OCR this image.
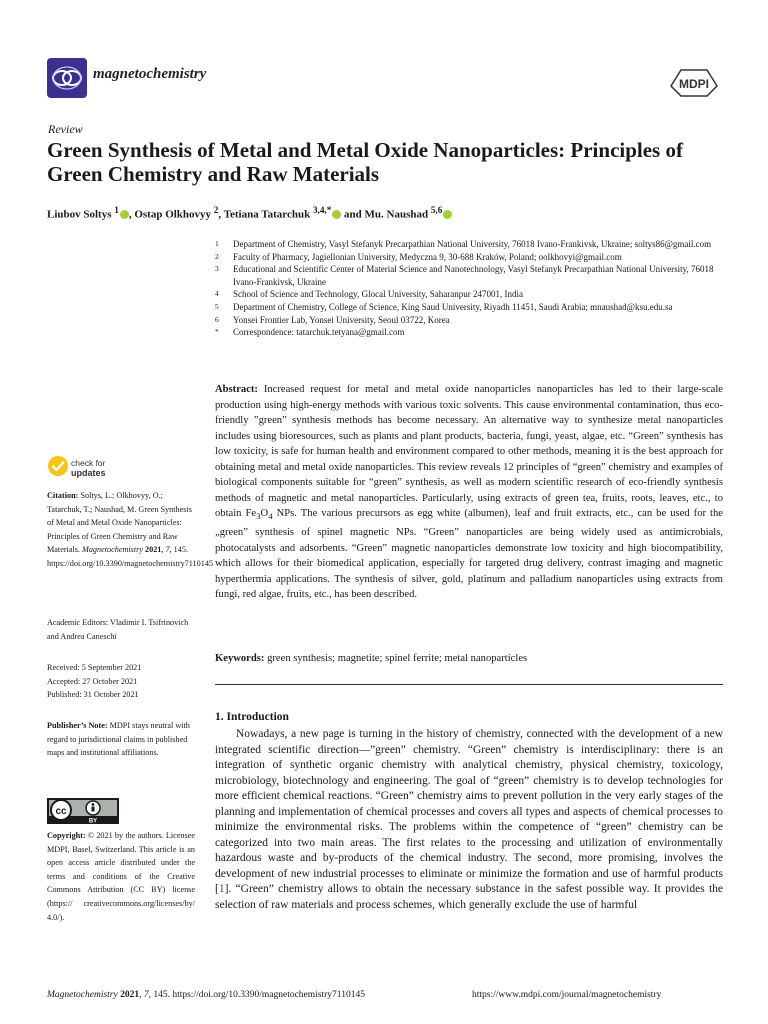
magnetochemistry
MDPI
Review
Green Synthesis of Metal and Metal Oxide Nanoparticles: Principles of Green Chemistry and Raw Materials
Liubov Soltys $^1$ , Ostap Olkhovyy $^2$, Tetiana Tatarchuk $^{3,4,*}$ and Mu. Naushad $^{5,6}$
1	Department of Chemistry, Vasyl Stefanyk Precarpathian National University, 76018 Ivano-Frankivsk, Ukraine; soltys86@gmail.com
2	Faculty of Pharmacy, Jagiellonian University, Medyczna 9, 30-688 Kraków, Poland; oolkhovyi@gmail.com
3	Educational and Scientific Center of Material Science and Nanotechnology, Vasyl Stefanyk Precarpathian National University, 76018 Ivano-Frankivsk, Ukraine
4	School of Science and Technology, Glocal University, Saharanpur 247001, India
5	Department of Chemistry, College of Science, King Saud University, Riyadh 11451, Saudi Arabia; mnaushad@ksu.edu.sa
6	Yonsei Frontier Lab, Yonsei University, Seoul 03722, Korea
*	Correspondence: tatarchuk.tetyana@gmail.com

Abstract: Increased request for metal and metal oxide nanoparticles nanoparticles has led to their large-scale production using high-energy methods with various toxic solvents. This cause environmental contamination, thus eco-friendly ”green” synthesis methods has become necessary. An alternative way to synthesize metal nanoparticles includes using bioresources, such as plants and plant products, bacteria, fungi, yeast, algae, etc. “Green” synthesis has low toxicity, is safe for human health and environment compared to other methods, meaning it is the best approach for obtaining metal and metal oxide nanoparticles. This review reveals 12 principles of “green” chemistry and examples of biological components suitable for “green” synthesis, as well as modern scientific research of eco-friendly synthesis methods of magnetic and metal nanoparticles. Particularly, using extracts of green tea, fruits, roots, leaves, etc., to obtain $Fe_3O_4$ NPs. The various precursors as egg white (albumen), leaf and fruit extracts, etc., can be used for the „green” synthesis of spinel magnetic NPs. “Green” nanoparticles are being widely used as antimicrobials, photocatalysts and adsorbents. “Green” magnetic nanoparticles demonstrate low toxicity and high biocompatibility, which allows for their biomedical application, especially for targeted drug delivery, contrast imaging and magnetic hyperthermia applications. The synthesis of silver, gold, platinum and palladium nanoparticles using extracts from fungi, red algae, fruits, etc., has been described.

Keywords: green synthesis; magnetite; spinel ferrite; metal nanoparticles

1. Introduction

Nowadays, a new page is turning in the history of chemistry, connected with the development of a new integrated scientific direction—”green” chemistry. “Green” chemistry is interdisciplinary: there is an integration of synthetic organic chemistry with analytical chemistry, physical chemistry, toxicology, microbiology, biotechnology and engineering. The goal of “green” chemistry is to develop technologies for more efficient chemical reactions. “Green” chemistry aims to prevent pollution in the very early stages of the planning and implementation of chemical processes and covers all types and aspects of chemical processes to minimize the environmental risks. The problems within the competence of “green” chemistry can be categorized into two main areas. The first relates to the processing and utilization of environmentally hazardous waste and by-products of the chemical industry. The second, more promising, involves the development of new industrial processes to eliminate or minimize the formation and use of harmful products [1]. “Green” chemistry allows to obtain the necessary substance in the safest possible way. It provides the selection of raw materials and process schemes, which generally exclude the use of harmful

check for
updates

Citation: Soltys, L.; Olkhovyy, O.; Tatarchuk, T.; Naushad, M. Green Synthesis of Metal and Metal Oxide Nanoparticles: Principles of Green Chemistry and Raw Materials. Magnetochemistry 2021, 7, 145. https://doi.org/10.3390/magnetochemistry7110145

Academic Editors: Vladimir I. Tsifrinovich and Andrea Caneschi

Received: 5 September 2021
Accepted: 27 October 2021
Published: 31 October 2021

Publisher’s Note: MDPI stays neutral with regard to jurisdictional claims in published maps and institutional affiliations.

cc
BY

Copyright: © 2021 by the authors. Licensee MDPI, Basel, Switzerland. This article is an open access article distributed under the terms and conditions of the Creative Commons Attribution (CC BY) license (https:// creativecommons.org/licenses/by/ 4.0/).

Magnetochemistry 2021, 7, 145. https://doi.org/10.3390/magnetochemistry7110145	https://www.mdpi.com/journal/magnetochemistry
